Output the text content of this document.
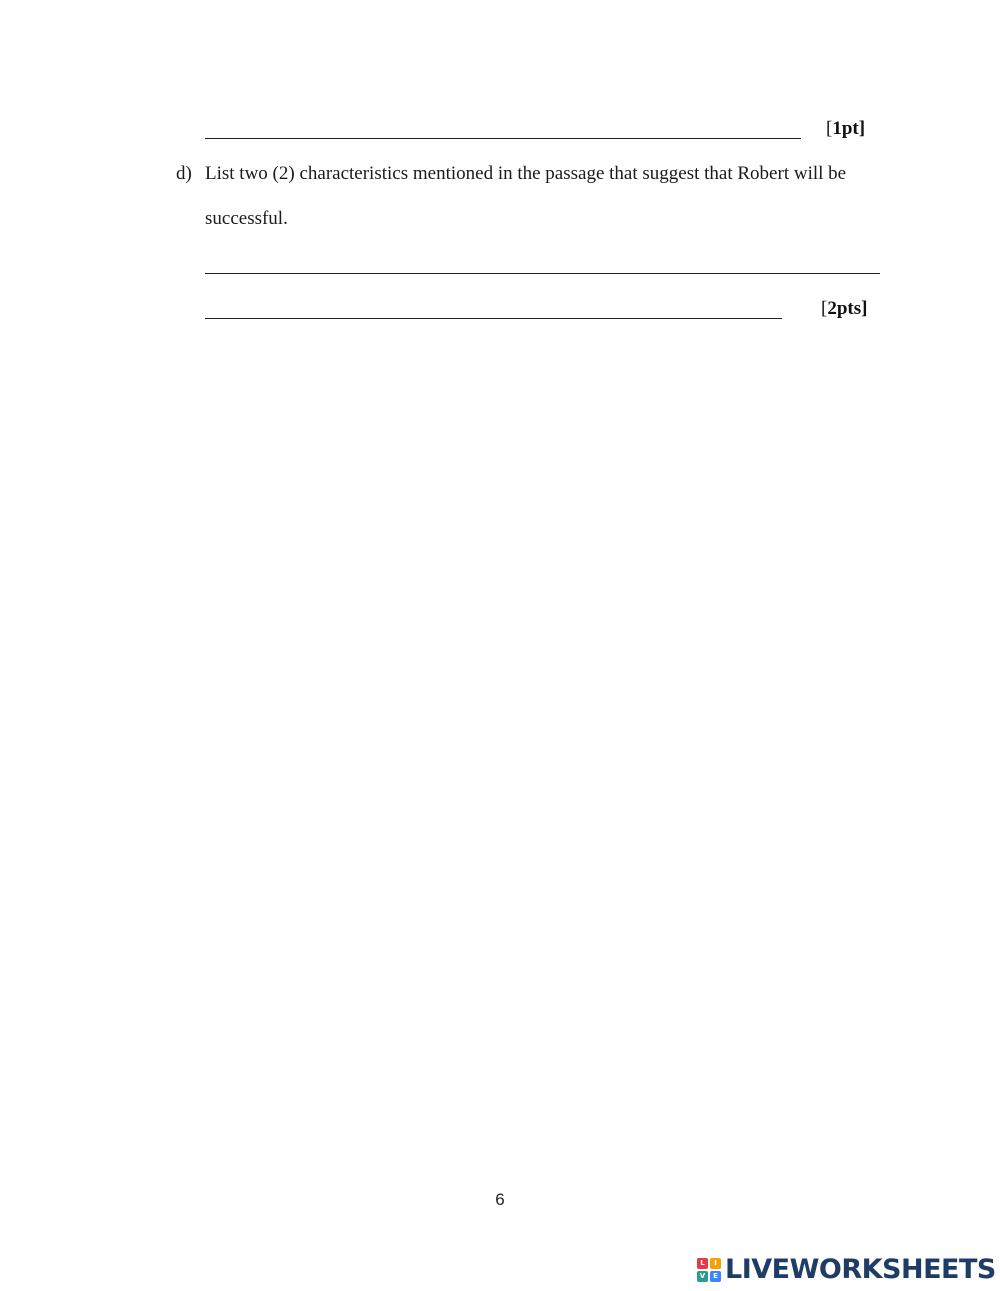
[1pt]
d) List two (2) characteristics mentioned in the passage that suggest that Robert will be
successful.
[2pts]
6
L	I
V	E LIVEWORKSHEETS
